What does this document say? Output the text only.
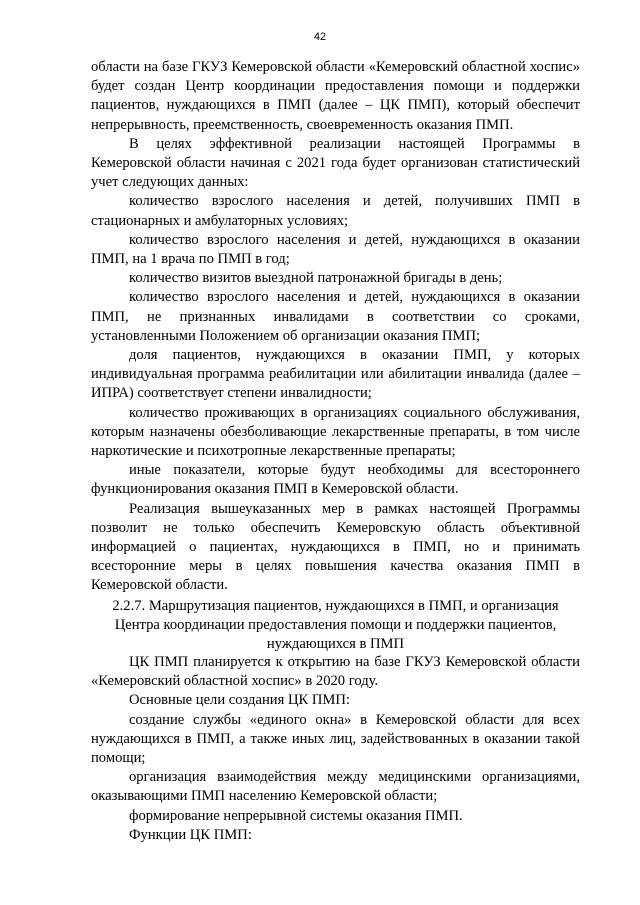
42

области на базе ГКУЗ Кемеровской области «Кемеровский областной хоспис» будет создан Центр координации предоставления помощи и поддержки пациентов, нуждающихся в ПМП (далее – ЦК ПМП), который обеспечит непрерывность, преемственность, своевременность оказания ПМП.

В целях эффективной реализации настоящей Программы в Кемеровской области начиная с 2021 года будет организован статистический учет следующих данных:

количество взрослого населения и детей, получивших ПМП в стационарных и амбулаторных условиях;

количество взрослого населения и детей, нуждающихся в оказании ПМП, на 1 врача по ПМП в год;

количество визитов выездной патронажной бригады в день;

количество взрослого населения и детей, нуждающихся в оказании ПМП, не признанных инвалидами в соответствии со сроками, установленными Положением об организации оказания ПМП;

доля пациентов, нуждающихся в оказании ПМП, у которых индивидуальная программа реабилитации или абилитации инвалида (далее – ИПРА) соответствует степени инвалидности;

количество проживающих в организациях социального обслуживания, которым назначены обезболивающие лекарственные препараты, в том числе наркотические и психотропные лекарственные препараты;

иные показатели, которые будут необходимы для всестороннего функционирования оказания ПМП в Кемеровской области.

Реализация вышеуказанных мер в рамках настоящей Программы позволит не только обеспечить Кемеровскую область объективной информацией о пациентах, нуждающихся в ПМП, но и принимать всесторонние меры в целях повышения качества оказания ПМП в Кемеровской области.

2.2.7. Маршрутизация пациентов, нуждающихся в ПМП, и организация
Центра координации предоставления помощи и поддержки пациентов,
нуждающихся в ПМП

ЦК ПМП планируется к открытию на базе ГКУЗ Кемеровской области «Кемеровский областной хоспис» в 2020 году.

Основные цели создания ЦК ПМП:

создание службы «единого окна» в Кемеровской области для всех нуждающихся в ПМП, а также иных лиц, задействованных в оказании такой помощи;

организация взаимодействия между медицинскими организациями, оказывающими ПМП населению Кемеровской области;

формирование непрерывной системы оказания ПМП.

Функции ЦК ПМП:
